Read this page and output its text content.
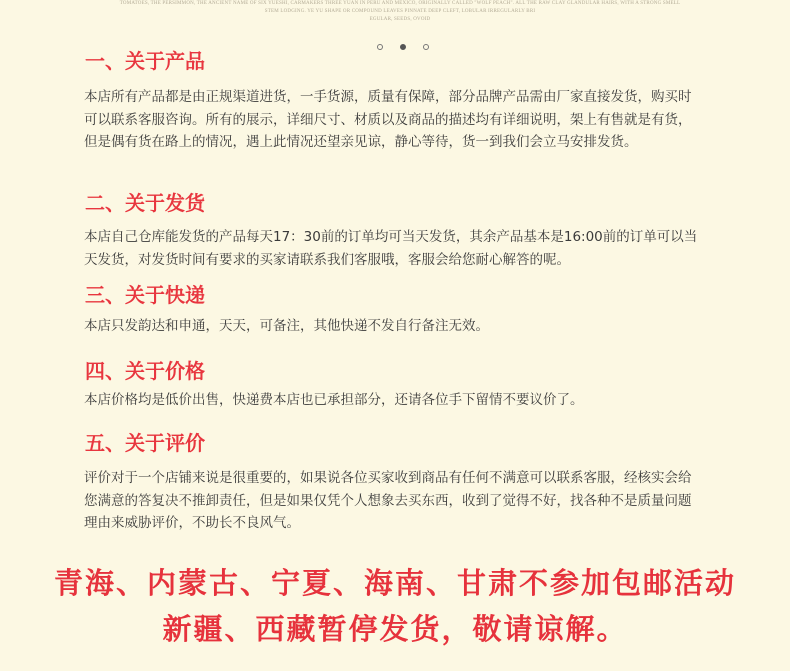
TOMATOES, THE PERSIMMON, THE ANCIENT NAME OF SIX YUESHI, CARMAKERS THREE YUAN IN PERU AND MEXICO, ORIGINALLY CALLED "WOLF PEACH". ALL THE RAW CLAY GLANDULAR HAIRS, WITH A STRONG SMELL
STEM LODGING. YE YU SHAPE OR COMPOUND LEAVES PINNATE DEEP CLEFT, LOBULAR IRREGULARLY BRI
EGULAR, SEEDS, OVOID
一、关于产品
本店所有产品都是由正规渠道进货，一手货源，质量有保障，部分品牌产品需由厂家直接发货，购买时可以联系客服咨询。所有的展示，详细尺寸、材质以及商品的描述均有详细说明，架上有售就是有货，但是偶有货在路上的情况，遇上此情况还望亲见谅，静心等待，货一到我们会立马安排发货。
二、关于发货
本店自己仓库能发货的产品每天17：30前的订单均可当天发货，其余产品基本是16:00前的订单可以当天发货，对发货时间有要求的买家请联系我们客服哦，客服会给您耐心解答的呢。
三、关于快递
本店只发韵达和申通，天天，可备注，其他快递不发自行备注无效。
四、关于价格
本店价格均是低价出售，快递费本店也已承担部分，还请各位手下留情不要议价了。
五、关于评价
评价对于一个店铺来说是很重要的，如果说各位买家收到商品有任何不满意可以联系客服，经核实会给您满意的答复决不推卸责任，但是如果仅凭个人想象去买东西，收到了觉得不好，找各种不是质量问题理由来威胁评价，不助长不良风气。
青海、内蒙古、宁夏、海南、甘肃不参加包邮活动
新疆、西藏暂停发货，敬请谅解。
